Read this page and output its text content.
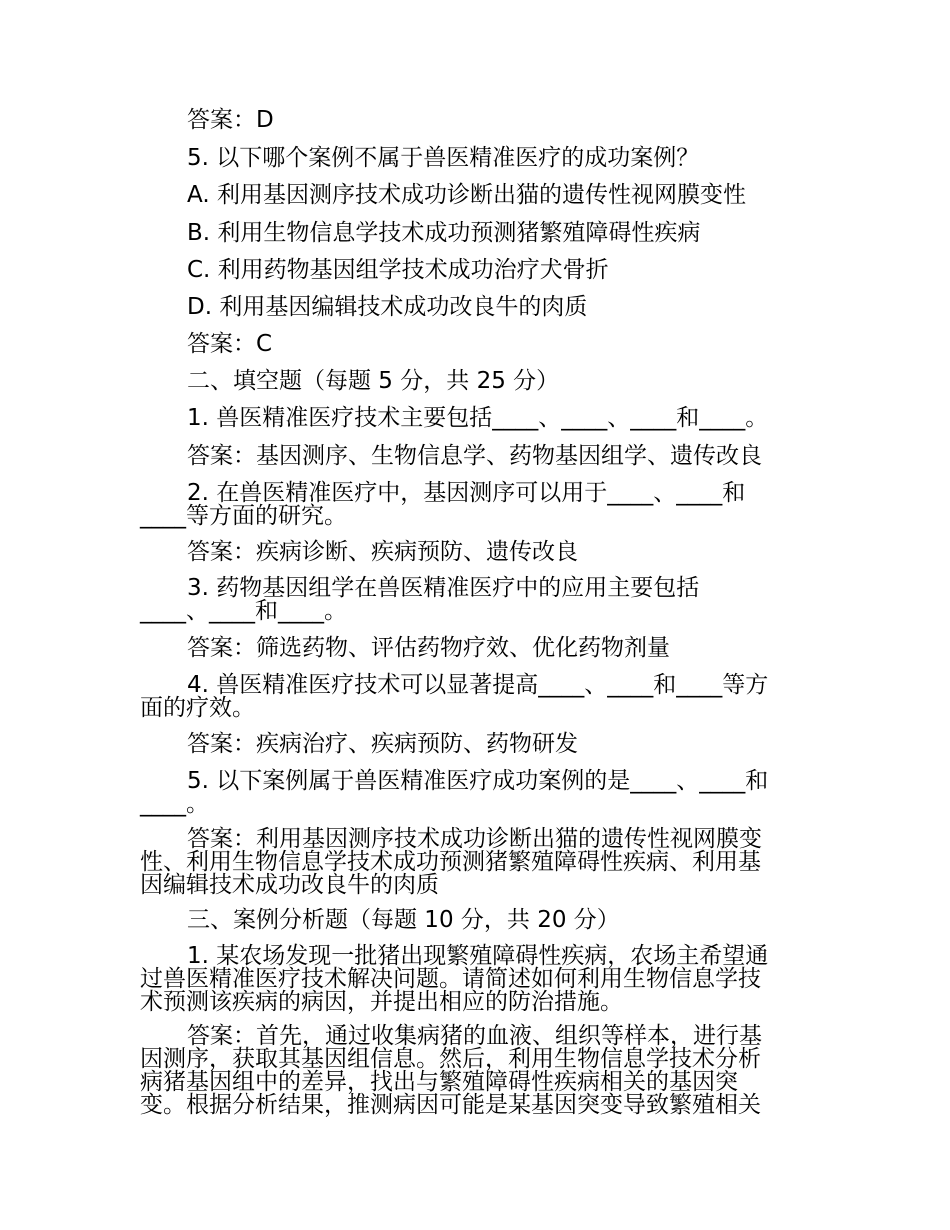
答案：D
5. 以下哪个案例不属于兽医精准医疗的成功案例？
A. 利用基因测序技术成功诊断出猫的遗传性视网膜变性
B. 利用生物信息学技术成功预测猪繁殖障碍性疾病
C. 利用药物基因组学技术成功治疗犬骨折
D. 利用基因编辑技术成功改良牛的肉质
答案：C
二、填空题（每题 5 分，共 25 分）
1. 兽医精准医疗技术主要包括____、____、____和____。
答案：基因测序、生物信息学、药物基因组学、遗传改良
2. 在兽医精准医疗中，基因测序可以用于____、____和
____等方面的研究。
答案：疾病诊断、疾病预防、遗传改良
3. 药物基因组学在兽医精准医疗中的应用主要包括
____、____和____。
答案：筛选药物、评估药物疗效、优化药物剂量
4. 兽医精准医疗技术可以显著提高____、____和____等方
面的疗效。
答案：疾病治疗、疾病预防、药物研发
5. 以下案例属于兽医精准医疗成功案例的是____、____和
____。
答案：利用基因测序技术成功诊断出猫的遗传性视网膜变
性、利用生物信息学技术成功预测猪繁殖障碍性疾病、利用基
因编辑技术成功改良牛的肉质
三、案例分析题（每题 10 分，共 20 分）
1. 某农场发现一批猪出现繁殖障碍性疾病，农场主希望通
过兽医精准医疗技术解决问题。请简述如何利用生物信息学技
术预测该疾病的病因，并提出相应的防治措施。
答案：首先，通过收集病猪的血液、组织等样本，进行基
因测序，获取其基因组信息。然后，利用生物信息学技术分析
病猪基因组中的差异，找出与繁殖障碍性疾病相关的基因突
变。根据分析结果，推测病因可能是某基因突变导致繁殖相关
